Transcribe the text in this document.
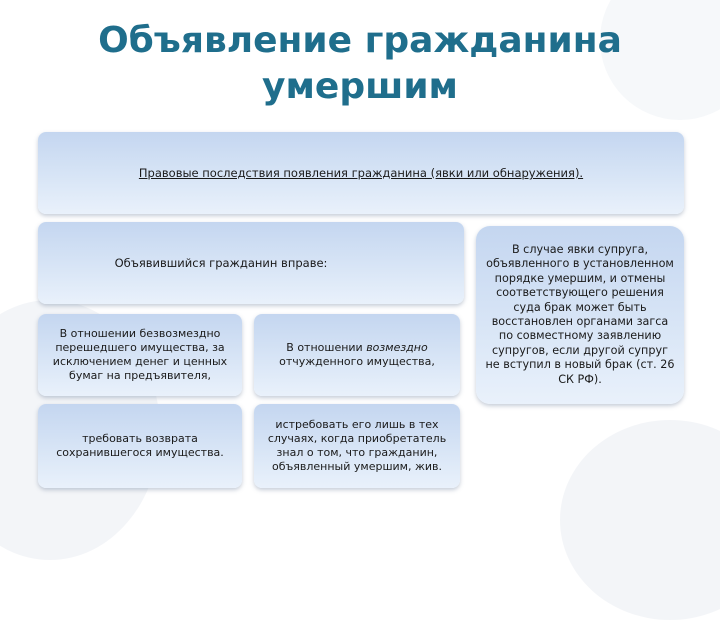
Объявление гражданина умершим
Правовые последствия появления гражданина (явки или обнаружения).
Объявившийся гражданин вправе:
В отношении безвозмездно перешедшего имущества, за исключением денег и ценных бумаг на предъявителя,
В отношении возмездно отчужденного имущества,
требовать возврата сохранившегося имущества.
истребовать его лишь в тех случаях, когда приобретатель знал о том, что гражданин, объявленный умершим, жив.
В случае явки супруга, объявленного в установленном порядке умершим, и отмены соответствующего решения суда брак может быть восстановлен органами загса по совместному заявлению супругов, если другой супруг не вступил в новый брак (ст. 26 СК РФ).
